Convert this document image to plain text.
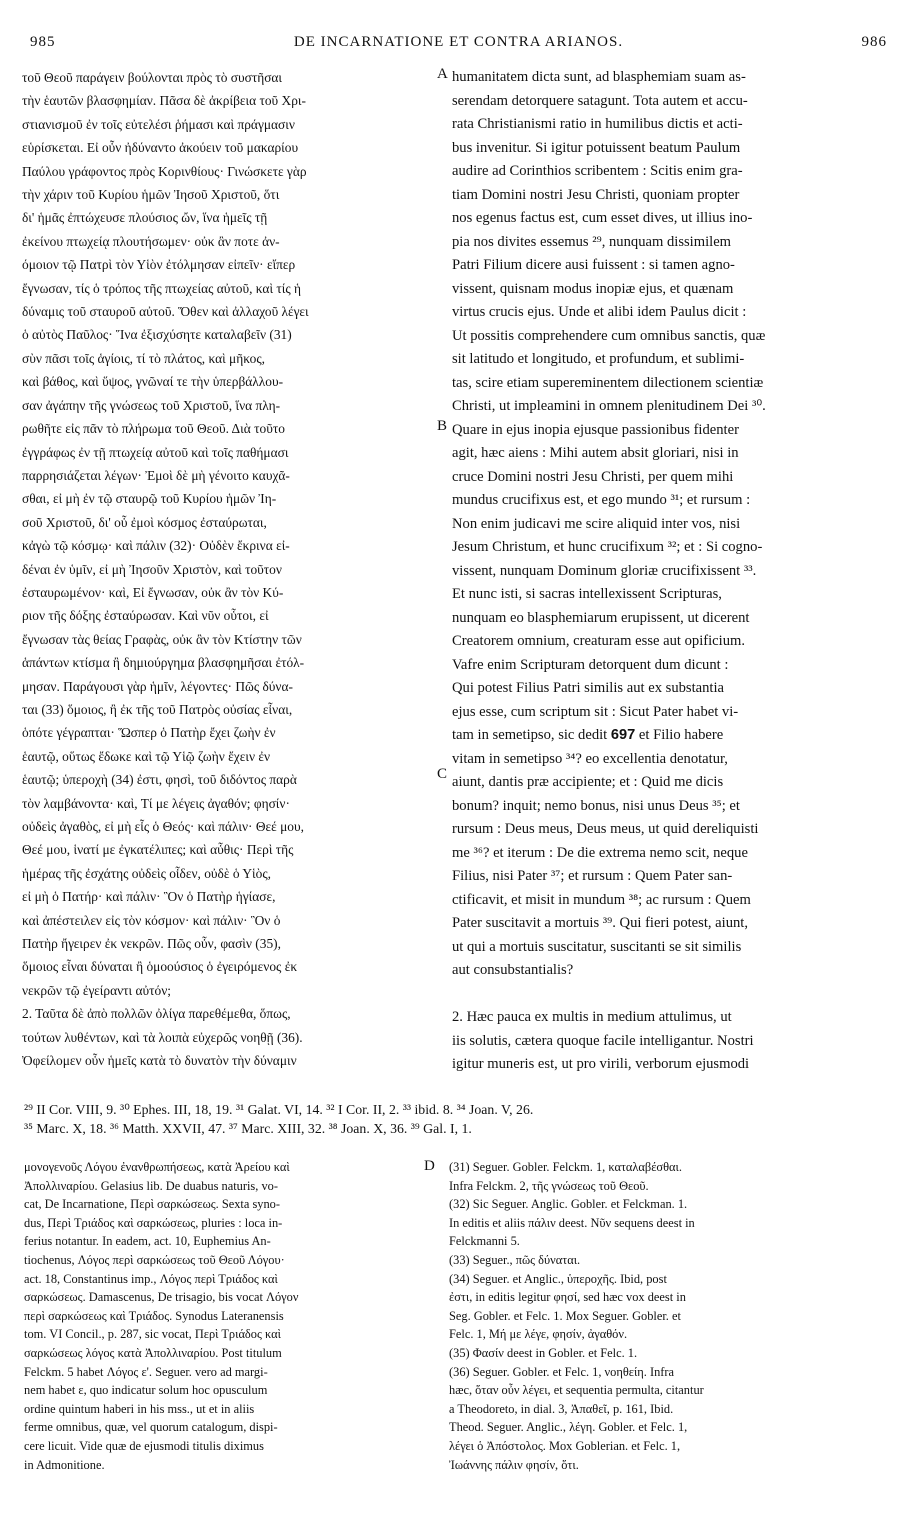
985	DE INCARNATIONE ET CONTRA ARIANOS.	986

τοῦ Θεοῦ παράγειν βούλονται πρὸς τὸ συστῆσαι

τὴν ἑαυτῶν βλασφημίαν. Πᾶσα δὲ ἀκρίβεια τοῦ Χρι-

στιανισμοῦ ἐν τοῖς εὐτελέσι ῥήμασι καὶ πράγμασιν

εὑρίσκεται. Εἰ οὖν ἠδύναντο ἀκούειν τοῦ μακαρίου

Παύλου γράφοντος πρὸς Κορινθίους· Γινώσκετε γὰρ

τὴν χάριν τοῦ Κυρίου ἡμῶν Ἰησοῦ Χριστοῦ, ὅτι

δι' ἡμᾶς ἐπτώχευσε πλούσιος ὤν, ἵνα ἡμεῖς τῇ

ἐκείνου πτωχείᾳ πλουτήσωμεν· οὐκ ἂν ποτε ἀν-

όμοιον τῷ Πατρὶ τὸν Υἱὸν ἐτόλμησαν εἰπεῖν· εἴπερ

ἔγνωσαν, τίς ὁ τρόπος τῆς πτωχείας αὐτοῦ, καὶ τίς ἡ

δύναμις τοῦ σταυροῦ αὐτοῦ. Ὅθεν καὶ ἀλλαχοῦ λέγει

ὁ αὐτὸς Παῦλος· Ἵνα ἐξισχύσητε καταλαβεῖν (31)

σὺν πᾶσι τοῖς ἁγίοις, τί τὸ πλάτος, καὶ μῆκος,

καὶ βάθος, καὶ ὕψος, γνῶναί τε τὴν ὑπερβάλλου-

σαν ἀγάπην τῆς γνώσεως τοῦ Χριστοῦ, ἵνα πλη-

ρωθῆτε εἰς πᾶν τὸ πλήρωμα τοῦ Θεοῦ. Διὰ τοῦτο

ἐγγράφως ἐν τῇ πτωχείᾳ αὐτοῦ καὶ τοῖς παθήμασι

παρρησιάζεται λέγων· Ἐμοὶ δὲ μὴ γένοιτο καυχᾶ-

σθαι, εἰ μὴ ἐν τῷ σταυρῷ τοῦ Κυρίου ἡμῶν Ἰη-

σοῦ Χριστοῦ, δι' οὗ ἐμοὶ κόσμος ἐσταύρωται,

κἀγὼ τῷ κόσμῳ· καὶ πάλιν (32)· Οὐδὲν ἔκρινα εἰ-

δέναι ἐν ὑμῖν, εἰ μὴ Ἰησοῦν Χριστὸν, καὶ τοῦτον

ἐσταυρωμένον· καὶ, Εἰ ἔγνωσαν, οὐκ ἂν τὸν Κύ-

ριον τῆς δόξης ἐσταύρωσαν. Καὶ νῦν οὗτοι, εἰ

ἔγνωσαν τὰς θείας Γραφὰς, οὐκ ἂν τὸν Κτίστην τῶν

ἁπάντων κτίσμα ἢ δημιούργημα βλασφημῆσαι ἐτόλ-

μησαν. Παράγουσι γὰρ ἡμῖν, λέγοντες· Πῶς δύνα-

ται (33) ὅμοιος, ἢ ἐκ τῆς τοῦ Πατρὸς οὐσίας εἶναι,

ὁπότε γέγραπται· Ὥσπερ ὁ Πατὴρ ἔχει ζωὴν ἐν

ἑαυτῷ, οὕτως ἔδωκε καὶ τῷ Υἱῷ ζωὴν ἔχειν ἐν

ἑαυτῷ; ὑπεροχὴ (34) ἐστι, φησὶ, τοῦ διδόντος παρὰ

τὸν λαμβάνοντα· καὶ, Τί με λέγεις ἀγαθόν; φησίν·

οὐδεὶς ἀγαθὸς, εἰ μὴ εἷς ὁ Θεός· καὶ πάλιν· Θεέ μου,

Θεέ μου, ἱνατί με ἐγκατέλιπες; καὶ αὖθις· Περὶ τῆς

ἡμέρας τῆς ἐσχάτης οὐδεὶς οἶδεν, οὐδὲ ὁ Υἱὸς,

εἰ μὴ ὁ Πατήρ· καὶ πάλιν· Ὃν ὁ Πατὴρ ἡγίασε,

καὶ ἀπέστειλεν εἰς τὸν κόσμον· καὶ πάλιν· Ὃν ὁ

Πατὴρ ἤγειρεν ἐκ νεκρῶν. Πῶς οὖν, φασὶν (35),

ὅμοιος εἶναι δύναται ἢ ὁμοούσιος ὁ ἐγειρόμενος ἐκ

νεκρῶν τῷ ἐγείραντι αὐτόν;

2. Ταῦτα δὲ ἀπὸ πολλῶν ὀλίγα παρεθέμεθα, ὅπως,

τούτων λυθέντων, καὶ τὰ λοιπὰ εὐχερῶς νοηθῇ (36).

Ὀφείλομεν οὖν ἡμεῖς κατὰ τὸ δυνατὸν τὴν δύναμιν

A
B
C

humanitatem dicta sunt, ad blasphemiam suam as-

serendam detorquere satagunt. Tota autem et accu-

rata Christianismi ratio in humilibus dictis et acti-

bus invenitur. Si igitur potuissent beatum Paulum

audire ad Corinthios scribentem : Scitis enim gra-

tiam Domini nostri Jesu Christi, quoniam propter

nos egenus factus est, cum esset dives, ut illius ino-

pia nos divites essemus ²⁹, nunquam dissimilem

Patri Filium dicere ausi fuissent : si tamen agno-

vissent, quisnam modus inopiæ ejus, et quænam

virtus crucis ejus. Unde et alibi idem Paulus dicit :

Ut possitis comprehendere cum omnibus sanctis, quæ

sit latitudo et longitudo, et profundum, et sublimi-

tas, scire etiam supereminentem dilectionem scientiæ

Christi, ut impleamini in omnem plenitudinem Dei ³⁰.

Quare in ejus inopia ejusque passionibus fidenter

agit, hæc aiens : Mihi autem absit gloriari, nisi in

cruce Domini nostri Jesu Christi, per quem mihi

mundus crucifixus est, et ego mundo ³¹; et rursum :

Non enim judicavi me scire aliquid inter vos, nisi

Jesum Christum, et hunc crucifixum ³²; et : Si cogno-

vissent, nunquam Dominum gloriæ crucifixissent ³³.

Et nunc isti, si sacras intellexissent Scripturas,

nunquam eo blasphemiarum erupissent, ut dicerent

Creatorem omnium, creaturam esse aut opificium.

Vafre enim Scripturam detorquent dum dicunt :

Qui potest Filius Patri similis aut ex substantia

ejus esse, cum scriptum sit : Sicut Pater habet vi-

tam in semetipso, sic dedit 697 et Filio habere

vitam in semetipso ³⁴? eo excellentia denotatur,

aiunt, dantis præ accipiente; et : Quid me dicis

bonum? inquit; nemo bonus, nisi unus Deus ³⁵; et

rursum : Deus meus, Deus meus, ut quid dereliquisti

me ³⁶? et iterum : De die extrema nemo scit, neque

Filius, nisi Pater ³⁷; et rursum : Quem Pater san-

ctificavit, et misit in mundum ³⁸; ac rursum : Quem

Pater suscitavit a mortuis ³⁹. Qui fieri potest, aiunt,

ut qui a mortuis suscitatur, suscitanti se sit similis

aut consubstantialis?

2. Hæc pauca ex multis in medium attulimus, ut

iis solutis, cætera quoque facile intelligantur. Nostri

igitur muneris est, ut pro virili, verborum ejusmodi

²⁹ II Cor. VIII, 9. ³⁰ Ephes. III, 18, 19. ³¹ Galat. VI, 14. ³² I Cor. II, 2. ³³ ibid. 8. ³⁴ Joan. V, 26.

³⁵ Marc. X, 18. ³⁶ Matth. XXVII, 47. ³⁷ Marc. XIII, 32. ³⁸ Joan. X, 36. ³⁹ Gal. I, 1.

μονογενοῦς Λόγου ἐνανθρωπήσεως, κατὰ Ἀρείου καὶ

Ἀπολλιναρίου. Gelasius lib. De duabus naturis, vo-

cat, De Incarnatione, Περὶ σαρκώσεως. Sexta syno-

dus, Περὶ Τριάδος καὶ σαρκώσεως, pluries : loca in-

ferius notantur. In eadem, act. 10, Euphemius An-

tiochenus, Λόγος περὶ σαρκώσεως τοῦ Θεοῦ Λόγου·

act. 18, Constantinus imp., Λόγος περὶ Τριάδος καὶ

σαρκώσεως. Damascenus, De trisagio, bis vocat Λόγον

περὶ σαρκώσεως καὶ Τριάδος. Synodus Lateranensis

tom. VI Concil., p. 287, sic vocat, Περὶ Τριάδος καὶ

σαρκώσεως λόγος κατὰ Ἀπολλιναρίου. Post titulum

Felckm. 5 habet Λόγος ε'. Seguer. vero ad margi-

nem habet ε, quo indicatur solum hoc opusculum

ordine quintum haberi in his mss., ut et in aliis

ferme omnibus, quæ, vel quorum catalogum, dispi-

cere licuit. Vide quæ de ejusmodi titulis diximus

in Admonitione.

D (31) Seguer. Gobler. Felckm. 1, καταλαβέσθαι.

Infra Felckm. 2, τῆς γνώσεως τοῦ Θεοῦ.

(32) Sic Seguer. Anglic. Gobler. et Felckman. 1.

In editis et aliis πάλιν deest. Νῦν sequens deest in

Felckmanni 5.

(33) Seguer., πῶς δύναται.

(34) Seguer. et Anglic., ὑπεροχῆς. Ibid, post

ἐστι, in editis legitur φησί, sed hæc vox deest in

Seg. Gobler. et Felc. 1. Mox Seguer. Gobler. et

Felc. 1, Μή με λέγε, φησίν, ἀγαθόν.

(35) Φασίν deest in Gobler. et Felc. 1.

(36) Seguer. Gobler. et Felc. 1, νοηθείη. Infra

hæc, ὅταν οὖν λέγει, et sequentia permulta, citantur

a Theodoreto, in dial. 3, Ἀπαθεῖ, p. 161, Ibid.

Theod. Seguer. Anglic., λέγη. Gobler. et Felc. 1,

λέγει ὁ Ἀπόστολος. Mox Goblerian. et Felc. 1,

Ἰωάννης πάλιν φησίν, ὅτι.
